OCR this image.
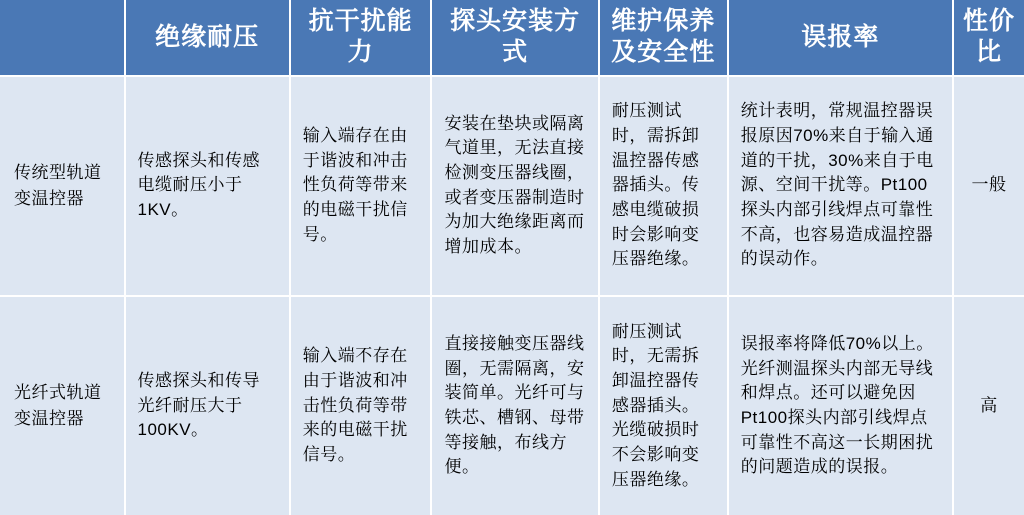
	绝缘耐压	抗干扰能力	探头安装方式	维护保养及安全性	误报率	性价比
传统型轨道变温控器	传感探头和传感电缆耐压小于1KV。	输入端存在由于谐波和冲击性负荷等带来的电磁干扰信号。	安装在垫块或隔离气道里，无法直接检测变压器线圈，或者变压器制造时为加大绝缘距离而增加成本。	耐压测试时，需拆卸温控器传感器插头。传感电缆破损时会影响变压器绝缘。	统计表明，常规温控器误报原因70%来自于输入通道的干扰，30%来自于电源、空间干扰等。Pt100探头内部引线焊点可靠性不高，也容易造成温控器的误动作。	一般
光纤式轨道变温控器	传感探头和传导光纤耐压大于100KV。	输入端不存在由于谐波和冲击性负荷等带来的电磁干扰信号。	直接接触变压器线圈，无需隔离，安装简单。光纤可与铁芯、槽钢、母带等接触，布线方便。	耐压测试时，无需拆卸温控器传感器插头。光缆破损时不会影响变压器绝缘。	误报率将降低70%以上。光纤测温探头内部无导线和焊点。还可以避免因Pt100探头内部引线焊点可靠性不高这一长期困扰的问题造成的误报。	高
